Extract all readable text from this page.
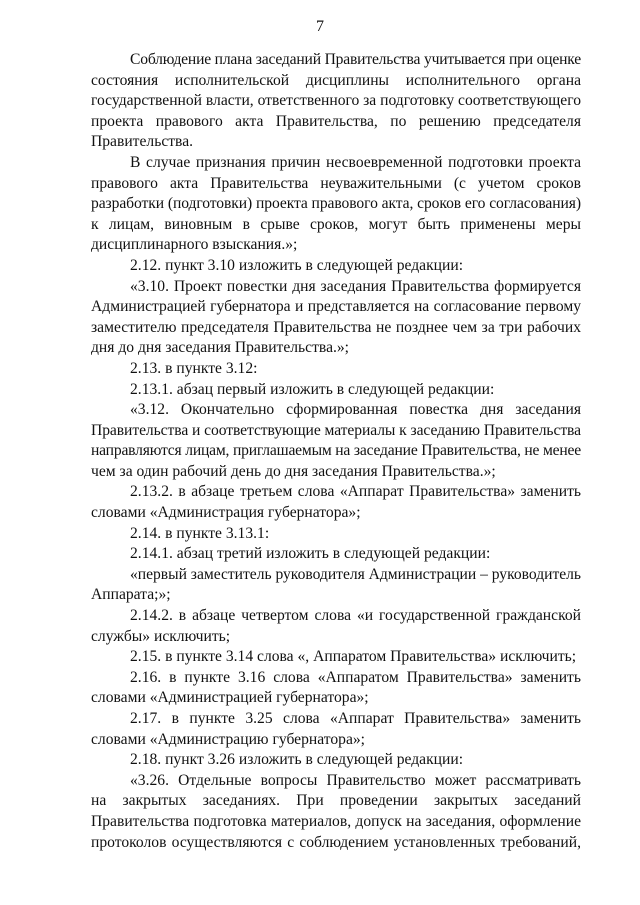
7
Соблюдение плана заседаний Правительства учитывается при оценке
состояния исполнительской дисциплины исполнительного органа
государственной власти, ответственного за подготовку соответствующего
проекта правового акта Правительства, по решению председателя
Правительства.
В случае признания причин несвоевременной подготовки проекта
правового акта Правительства неуважительными (с учетом сроков
разработки (подготовки) проекта правового акта, сроков его согласования)
к лицам, виновным в срыве сроков, могут быть применены меры
дисциплинарного взыскания.»;
2.12. пункт 3.10 изложить в следующей редакции:
«3.10. Проект повестки дня заседания Правительства формируется
Администрацией губернатора и представляется на согласование первому
заместителю председателя Правительства не позднее чем за три рабочих
дня до дня заседания Правительства.»;
2.13. в пункте 3.12:
2.13.1. абзац первый изложить в следующей редакции:
«3.12. Окончательно сформированная повестка дня заседания
Правительства и соответствующие материалы к заседанию Правительства
направляются лицам, приглашаемым на заседание Правительства, не менее
чем за один рабочий день до дня заседания Правительства.»;
2.13.2. в абзаце третьем слова «Аппарат Правительства» заменить
словами «Администрация губернатора»;
2.14. в пункте 3.13.1:
2.14.1. абзац третий изложить в следующей редакции:
«первый заместитель руководителя Администрации – руководитель
Аппарата;»;
2.14.2. в абзаце четвертом слова «и государственной гражданской
службы» исключить;
2.15. в пункте 3.14 слова «, Аппаратом Правительства» исключить;
2.16. в пункте 3.16 слова «Аппаратом Правительства» заменить
словами «Администрацией губернатора»;
2.17. в пункте 3.25 слова «Аппарат Правительства» заменить
словами «Администрацию губернатора»;
2.18. пункт 3.26 изложить в следующей редакции:
«3.26. Отдельные вопросы Правительство может рассматривать
на закрытых заседаниях. При проведении закрытых заседаний
Правительства подготовка материалов, допуск на заседания, оформление
протоколов осуществляются с соблюдением установленных требований,
